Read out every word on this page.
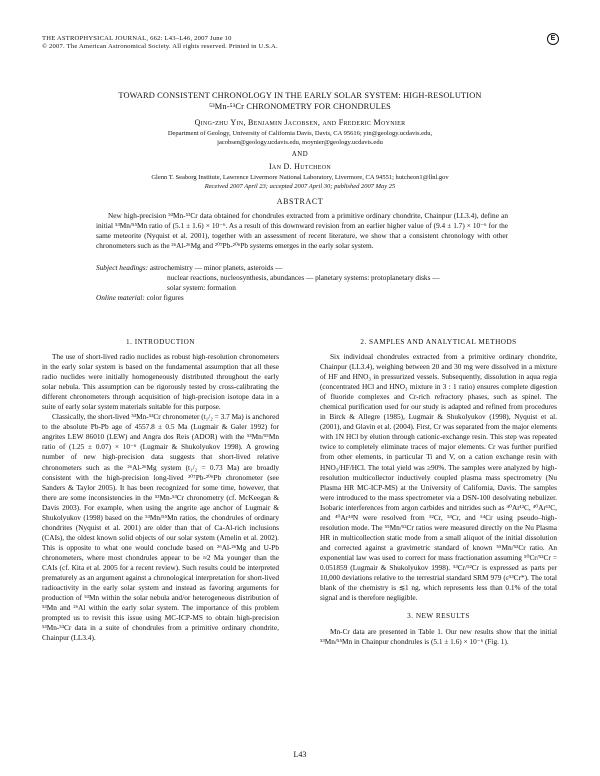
THE ASTROPHYSICAL JOURNAL, 662: L43–L46, 2007 June 10
© 2007. The American Astronomical Society. All rights reserved. Printed in U.S.A.
E
TOWARD CONSISTENT CHRONOLOGY IN THE EARLY SOLAR SYSTEM: HIGH-RESOLUTION
⁵³Mn-⁵³Cr CHRONOMETRY FOR CHONDRULES
Qing-zhu Yin, Benjamin Jacobsen, and Frederic Moynier
Department of Geology, University of California Davis, Davis, CA 95616; yin@geology.ucdavis.edu,
jacobsen@geology.ucdavis.edu, moynier@geology.ucdavis.edu
AND
Ian D. Hutcheon
Glenn T. Seaborg Institute, Lawrence Livermore National Laboratory, Livermore, CA 94551; hutcheon1@llnl.gov
Received 2007 April 23; accepted 2007 April 30; published 2007 May 25
ABSTRACT

New high-precision ⁵³Mn-⁵³Cr data obtained for chondrules extracted from a primitive ordinary chondrite, Chainpur (LL3.4), define an initial ⁵³Mn/⁵⁵Mn ratio of (5.1 ± 1.6) × 10⁻⁶. As a result of this downward revision from an earlier higher value of (9.4 ± 1.7) × 10⁻⁶ for the same meteorite (Nyquist et al. 2001), together with an assessment of recent literature, we show that a consistent chronology with other chronometers such as the ²⁶Al-²⁶Mg and ²⁰⁷Pb-²⁰⁶Pb systems emerges in the early solar system.

Subject headings: astrochemistry — minor planets, asteroids —
nuclear reactions, nucleosynthesis, abundances — planetary systems: protoplanetary disks —
solar system: formation
Online material: color figures
1. INTRODUCTION

The use of short-lived radio nuclides as robust high-resolution chronometers in the early solar system is based on the fundamental assumption that all these radio nuclides were initially homogeneously distributed throughout the early solar nebula. This assumption can be rigorously tested by cross-calibrating the different chronometers through acquisition of high-precision isotope data in a suite of early solar system materials suitable for this purpose.

Classically, the short-lived ⁵³Mn-⁵³Cr chronometer (t₁/₂ = 3.7 Ma) is anchored to the absolute Pb-Pb age of 4557.8 ± 0.5 Ma (Lugmair & Galer 1992) for angrites LEW 86010 (LEW) and Angra dos Reis (ADOR) with the ⁵³Mn/⁵⁵Mn ratio of (1.25 ± 0.07) × 10⁻⁶ (Lugmair & Shukolyukov 1998). A growing number of new high-precision data suggests that short-lived relative chronometers such as the ²⁶Al-²⁶Mg system (t₁/₂ = 0.73 Ma) are broadly consistent with the high-precision long-lived ²⁰⁷Pb-²⁰⁶Pb chronometer (see Sanders & Taylor 2005). It has been recognized for some time, however, that there are some inconsistencies in the ⁵³Mn-⁵³Cr chronometry (cf. McKeegan & Davis 2003). For example, when using the angrite age anchor of Lugmair & Shukolyukov (1998) based on the ⁵³Mn/⁵⁵Mn ratios, the chondrules of ordinary chondrites (Nyquist et al. 2001) are older than that of Ca-Al-rich inclusions (CAIs), the oldest known solid objects of our solar system (Amelin et al. 2002). This is opposite to what one would conclude based on ²⁶Al-²⁶Mg and U-Pb chronometers, where most chondrules appear to be ≈2 Ma younger than the CAIs (cf. Kita et al. 2005 for a recent review). Such results could be interpreted prematurely as an argument against a chronological interpretation for short-lived radioactivity in the early solar system and instead as favoring arguments for production of ⁵³Mn within the solar nebula and/or heterogeneous distribution of ⁵³Mn and ²⁶Al within the early solar system. The importance of this problem prompted us to revisit this issue using MC-ICP-MS to obtain high-precision ⁵³Mn-⁵³Cr data in a suite of chondrules from a primitive ordinary chondrite, Chainpur (LL3.4).

2. SAMPLES AND ANALYTICAL METHODS

Six individual chondrules extracted from a primitive ordinary chondrite, Chainpur (LL3.4), weighing between 20 and 30 mg were dissolved in a mixture of HF and HNO₃ in pressurized vessels. Subsequently, dissolution in aqua regia (concentrated HCl and HNO₃ mixture in 3 : 1 ratio) ensures complete digestion of fluoride complexes and Cr-rich refractory phases, such as spinel. The chemical purification used for our study is adapted and refined from procedures in Birck & Allegre (1985), Lugmair & Shukolyukov (1998), Nyquist et al. (2001), and Glavin et al. (2004). First, Cr was separated from the major elements with 1N HCl by elution through cationic-exchange resin. This step was repeated twice to completely eliminate traces of major elements. Cr was further purified from other elements, in particular Ti and V, on a cation exchange resin with HNO₃/HF/HCl. The total yield was ≥90%. The samples were analyzed by high-resolution multicollector inductively coupled plasma mass spectrometry (Nu Plasma HR MC-ICP-MS) at the University of California, Davis. The samples were introduced to the mass spectrometer via a DSN-100 desolvating nebulizer. Isobaric interferences from argon carbides and nitrides such as ⁴⁰Ar¹²C, ⁴⁰Ar¹³C, and ⁴⁰Ar¹⁴N were resolved from ⁵²Cr, ⁵³Cr, and ⁵⁴Cr using pseudo–high-resolution mode. The ⁵⁵Mn/⁵²Cr ratios were measured directly on the Nu Plasma HR in multicollection static mode from a small aliquot of the initial dissolution and corrected against a gravimetric standard of known ⁵⁵Mn/⁵²Cr ratio. An exponential law was used to correct for mass fractionation assuming ⁵⁰Cr/⁵²Cr = 0.051859 (Lugmair & Shukolyukov 1998). ⁵³Cr/⁵²Cr is expressed as parts per 10,000 deviations relative to the terrestrial standard SRM 979 (ε⁵³Cr*). The total blank of the chemistry is ≲1 ng, which represents less than 0.1% of the total signal and is therefore negligible.

3. NEW RESULTS

Mn-Cr data are presented in Table 1. Our new results show that the initial ⁵³Mn/⁵⁵Mn in Chainpur chondrules is (5.1 ± 1.6) × 10⁻⁶ (Fig. 1).

L43
